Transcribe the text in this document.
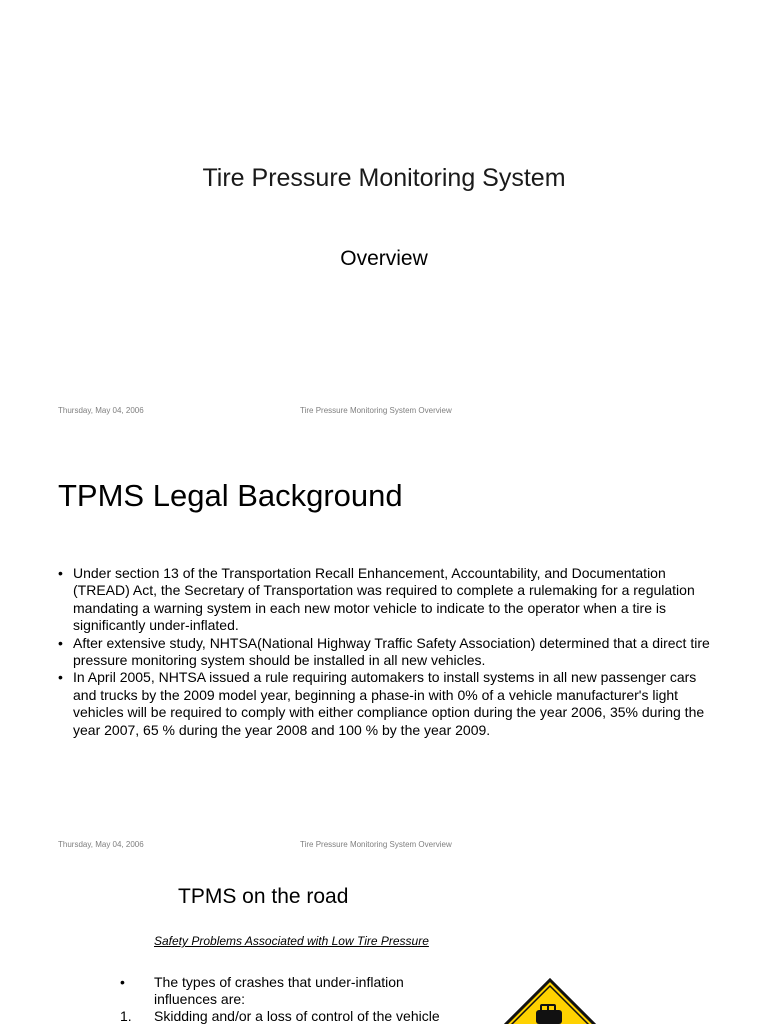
Tire Pressure Monitoring System
Overview
Thursday, May 04, 2006	Tire Pressure Monitoring System Overview
TPMS Legal Background
• Under section 13 of the Transportation Recall Enhancement, Accountability, and Documentation (TREAD) Act, the Secretary of Transportation was required to complete a rulemaking for a regulation mandating a warning system in each new motor vehicle to indicate to the operator when a tire is significantly under-inflated.
• After extensive study, NHTSA(National Highway Traffic Safety Association) determined that a direct tire pressure monitoring system should be installed in all new vehicles.
• In April 2005, NHTSA issued a rule requiring automakers to install systems in all new passenger cars and trucks by the 2009 model year, beginning a phase-in with 0% of a vehicle manufacturer's light vehicles will be required to comply with either compliance option during the year 2006, 35% during the year 2007, 65 % during the year 2008 and 100 % by the year 2009.
Thursday, May 04, 2006	Tire Pressure Monitoring System Overview
TPMS on the road
Safety Problems Associated with Low Tire Pressure
•	The types of crashes that under-inflation influences are:
1.	Skidding and/or a loss of control of the vehicle
